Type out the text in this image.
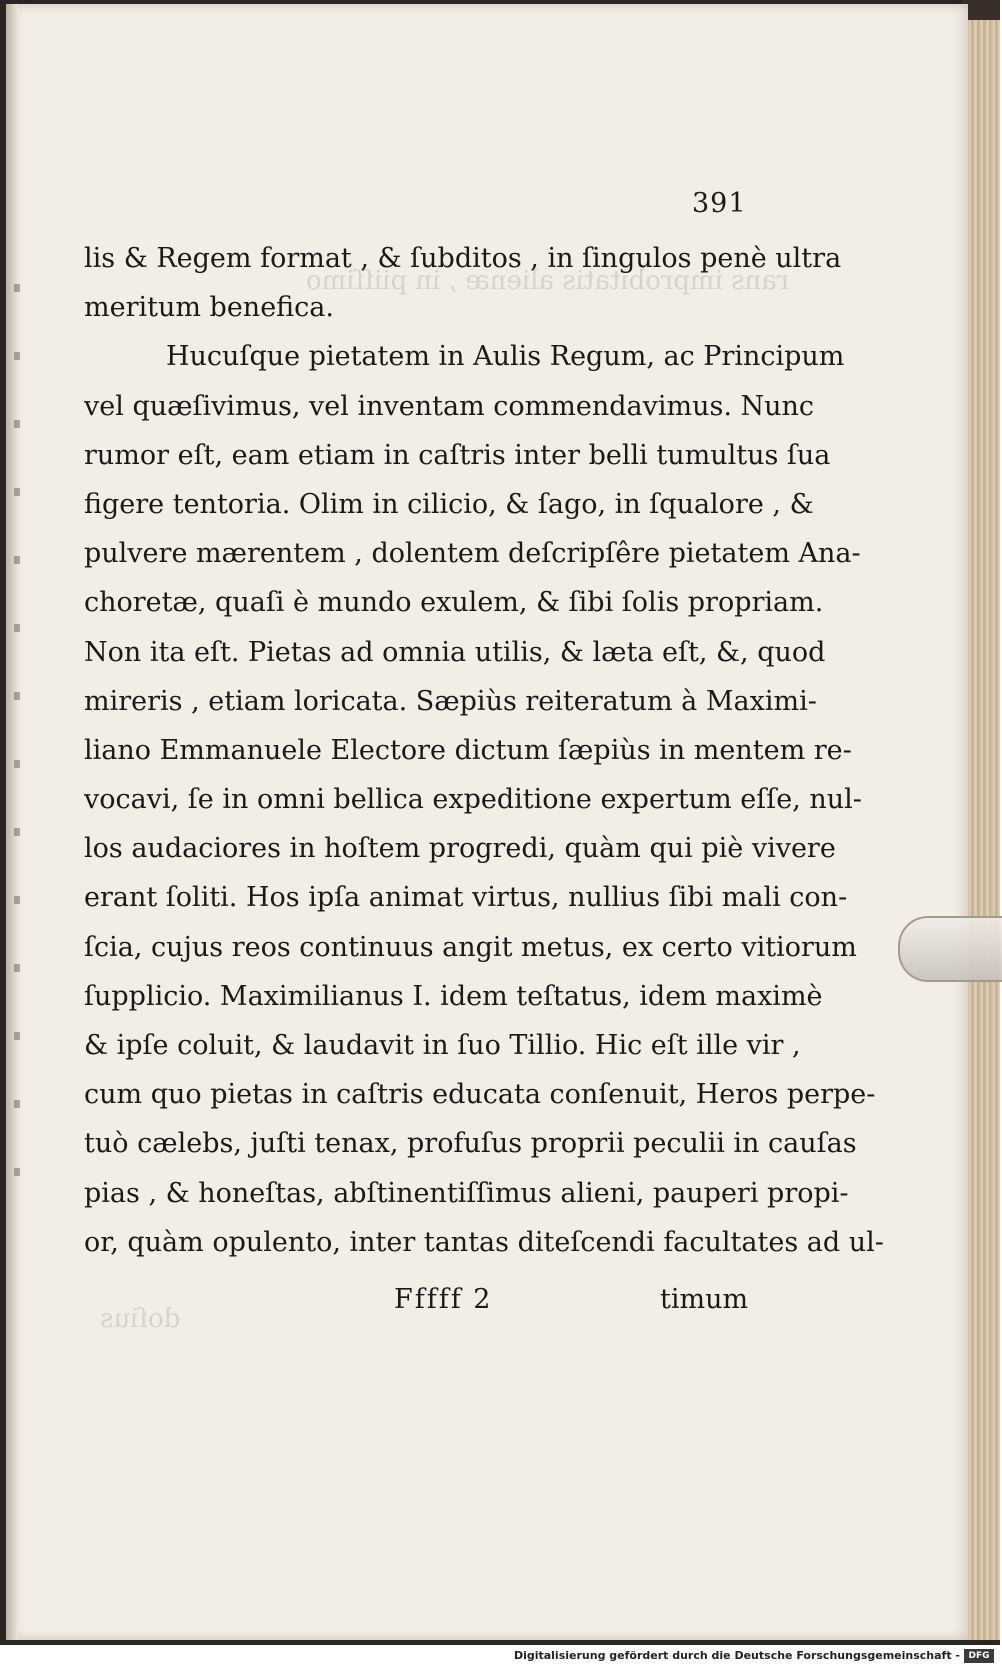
rans improbitatis alienæ , in piiſſimo
doſius
391
lis & Regem format , & ſubditos , in ſingulos penè ultra
meritum benefica.
Hucuſque pietatem in Aulis Regum, ac Principum
vel quæſivimus, vel inventam commendavimus. Nunc
rumor eſt, eam etiam in caſtris inter belli tumultus ſua
figere tentoria. Olim in cilicio, & ſago, in ſqualore , &
pulvere mærentem , dolentem deſcripſêre pietatem Ana-
choretæ, quaſi è mundo exulem, & ſibi ſolis propriam.
Non ita eſt. Pietas ad omnia utilis, & læta eſt, &, quod
mireris , etiam loricata. Sæpiùs reiteratum à Maximi-
liano Emmanuele Electore dictum ſæpiùs in mentem re-
vocavi, ſe in omni bellica expeditione expertum eſſe, nul-
los audaciores in hoſtem progredi, quàm qui piè vivere
erant ſoliti. Hos ipſa animat virtus, nullius ſibi mali con-
ſcia, cujus reos continuus angit metus, ex certo vitiorum
ſupplicio. Maximilianus I. idem teſtatus, idem maximè
& ipſe coluit, & laudavit in ſuo Tillio. Hic eſt ille vir ,
cum quo pietas in caſtris educata conſenuit, Heros perpe-
tuò cælebs, juſti tenax, profuſus proprii peculii in cauſas
pias , & honeſtas, abſtinentiſſimus alieni, pauperi propi-
or, quàm opulento, inter tantas diteſcendi facultates ad ul-
Fffff 2	timum
Digitalisierung gefördert durch die Deutsche Forschungsgemeinschaft - DFG
